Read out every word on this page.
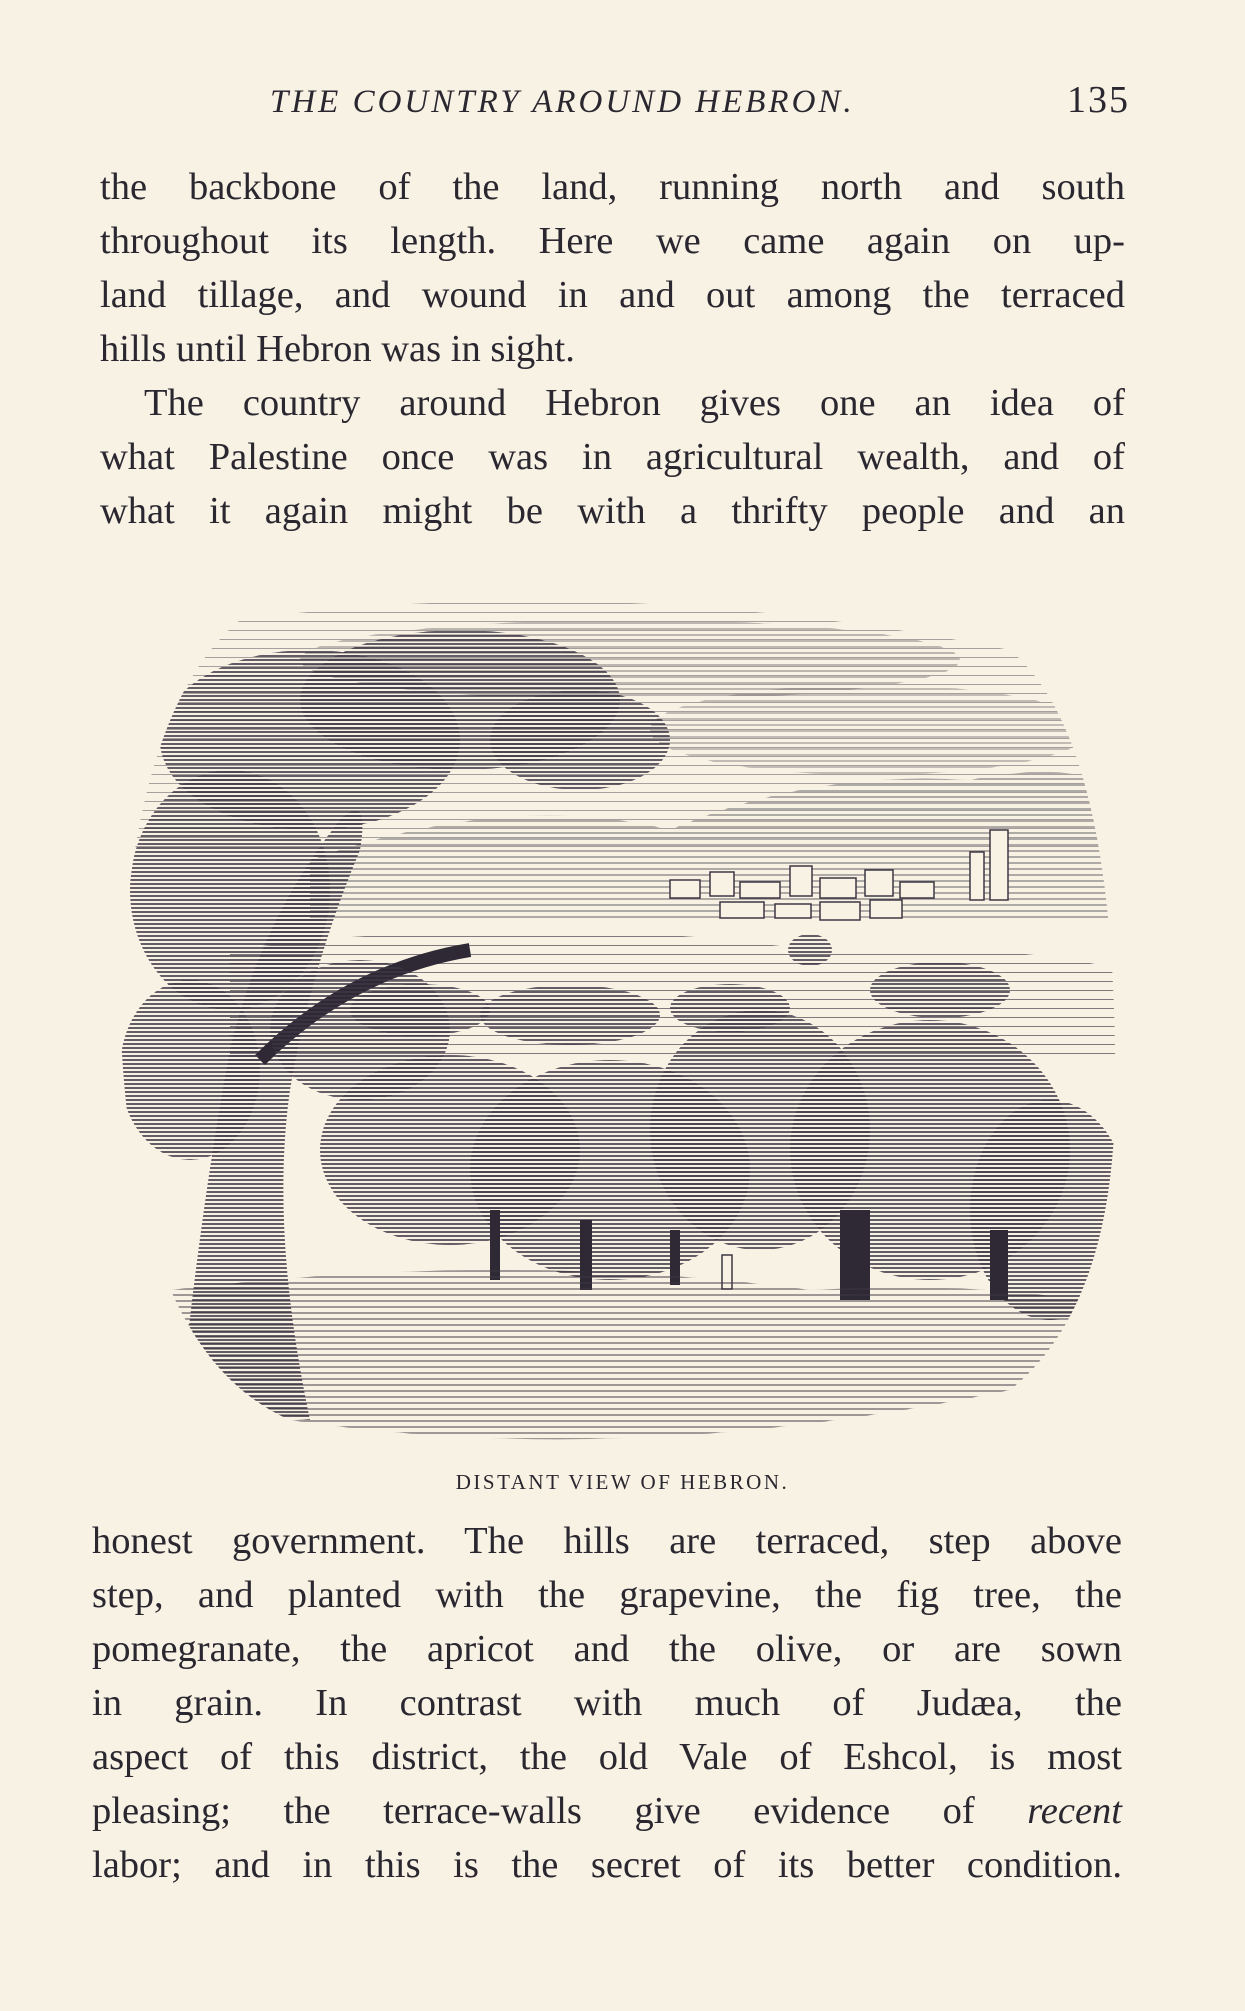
THE COUNTRY AROUND HEBRON.	135
the backbone of the land, running north and south
throughout its length. Here we came again on up-
land tillage, and wound in and out among the terraced
hills until Hebron was in sight.
The country around Hebron gives one an idea of
what Palestine once was in agricultural wealth, and of
what it again might be with a thrifty people and an
DISTANT VIEW OF HEBRON.
honest government. The hills are terraced, step above
step, and planted with the grapevine, the fig tree, the
pomegranate, the apricot and the olive, or are sown
in grain. In contrast with much of Judæa, the
aspect of this district, the old Vale of Eshcol, is most
pleasing; the terrace-walls give evidence of recent
labor; and in this is the secret of its better condition.
